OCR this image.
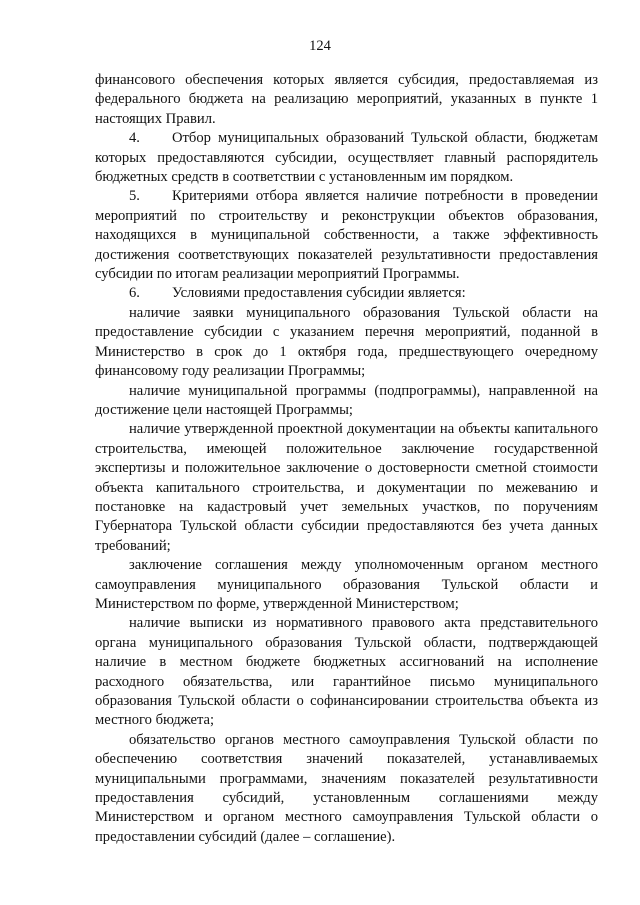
124

финансового обеспечения которых является субсидия, предоставляемая из федерального бюджета на реализацию мероприятий, указанных в пункте 1 настоящих Правил.

4. Отбор муниципальных образований Тульской области, бюджетам которых предоставляются субсидии, осуществляет главный распорядитель бюджетных средств в соответствии с установленным им порядком.

5. Критериями отбора является наличие потребности в проведении мероприятий по строительству и реконструкции объектов образования, находящихся в муниципальной собственности, а также эффективность достижения соответствующих показателей результативности предоставления субсидии по итогам реализации мероприятий Программы.

6. Условиями предоставления субсидии является:

наличие заявки муниципального образования Тульской области на предоставление субсидии с указанием перечня мероприятий, поданной в Министерство в срок до 1 октября года, предшествующего очередному финансовому году реализации Программы;

наличие муниципальной программы (подпрограммы), направленной на достижение цели настоящей Программы;

наличие утвержденной проектной документации на объекты капитального строительства, имеющей положительное заключение государственной экспертизы и положительное заключение о достоверности сметной стоимости объекта капитального строительства, и документации по межеванию и постановке на кадастровый учет земельных участков, по поручениям Губернатора Тульской области субсидии предоставляются без учета данных требований;

заключение соглашения между уполномоченным органом местного самоуправления муниципального образования Тульской области и Министерством по форме, утвержденной Министерством;

наличие выписки из нормативного правового акта представительного органа муниципального образования Тульской области, подтверждающей наличие в местном бюджете бюджетных ассигнований на исполнение расходного обязательства, или гарантийное письмо муниципального образования Тульской области о софинансировании строительства объекта из местного бюджета;

обязательство органов местного самоуправления Тульской области по обеспечению соответствия значений показателей, устанавливаемых муниципальными программами, значениям показателей результативности предоставления субсидий, установленным соглашениями между Министерством и органом местного самоуправления Тульской области о предоставлении субсидий (далее – соглашение).
